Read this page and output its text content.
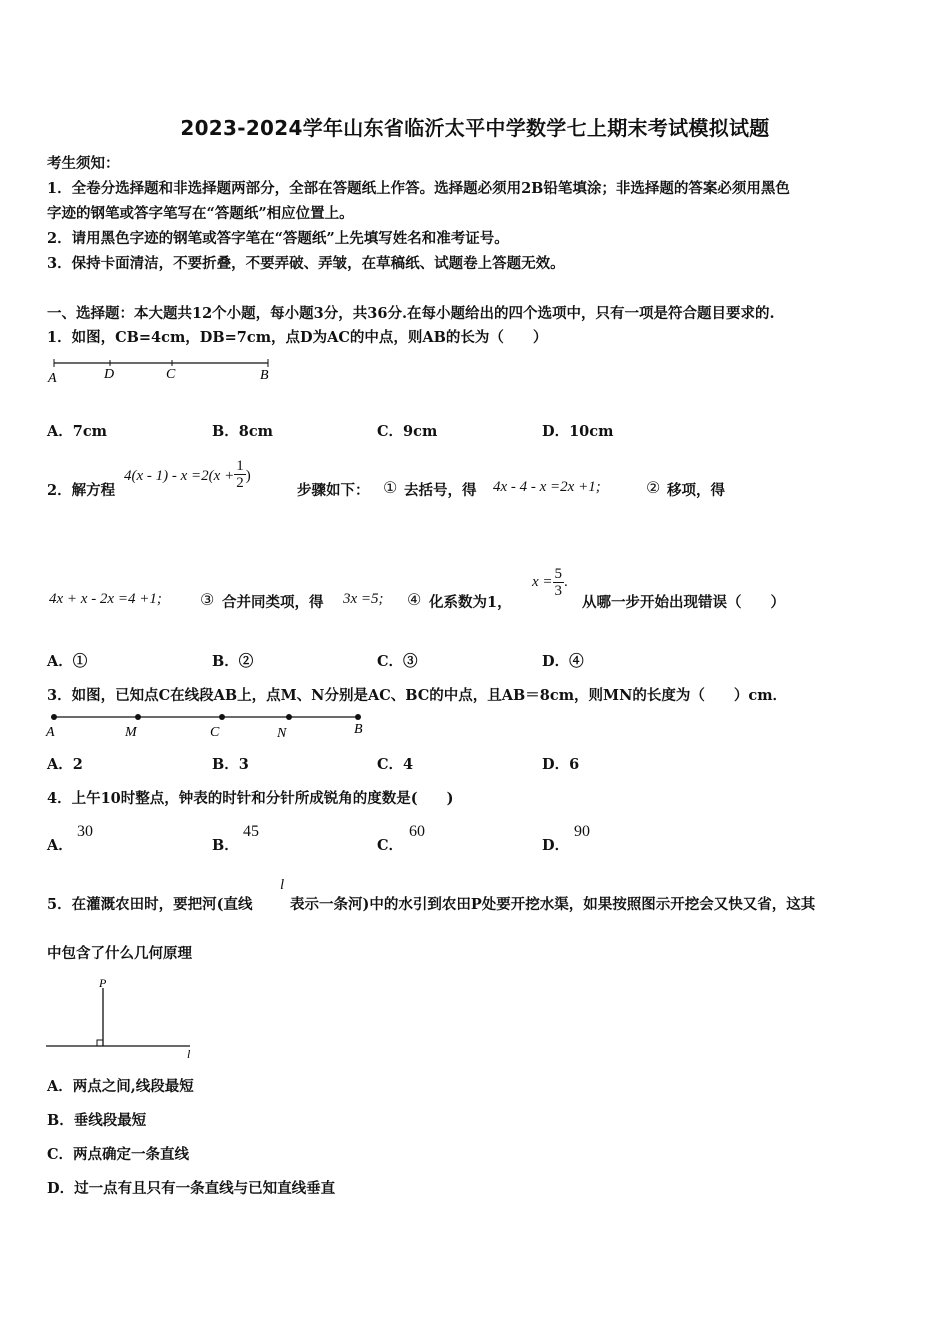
2023-2024学年山东省临沂太平中学数学七上期末考试模拟试题
考生须知：
1．全卷分选择题和非选择题两部分，全部在答题纸上作答。选择题必须用2B铅笔填涂；非选择题的答案必须用黑色
字迹的钢笔或答字笔写在“答题纸”相应位置上。
2．请用黑色字迹的钢笔或答字笔在“答题纸”上先填写姓名和准考证号。
3．保持卡面清洁，不要折叠，不要弄破、弄皱，在草稿纸、试题卷上答题无效。
一、选择题：本大题共12个小题，每小题3分，共36分.在每小题给出的四个选项中，只有一项是符合题目要求的.
1．如图，CB=4cm，DB=7cm，点D为AC的中点，则AB的长为（　　）
A	D	C	B
A．7cm	B．8cm	C．9cm	D．10cm
2．解方程
$4(x - 1) - x =2(x + \frac{1}{2}$ )
步骤如下： ① 去括号，得 4x - 4 - x =2x +1;	② 移项，得
4x + x - 2x =4 +1; ③ 合并同类项，得 3x =5; ④ 化系数为1，
$x = \frac{5}{3}$ .
从哪一步开始出现错误（　　）
A．①	B．②	C．③	D．④
3．如图，已知点C在线段AB上，点M、N分别是AC、BC的中点，且AB＝8cm，则MN的长度为（　　）cm．
A	M	C	N	B
A．2	B．3	C．4	D．6
4．上午10时整点，钟表的时针和分针所成锐角的度数是(　　)
A．
30
B．
45
C．
60
D．
90
5．在灌溉农田时，要把河(直线
l
表示一条河)中的水引到农田P处要开挖水渠，如果按照图示开挖会又快又省，这其
中包含了什么几何原理
P
l
A．两点之间,线段最短
B．垂线段最短
C．两点确定一条直线
D．过一点有且只有一条直线与已知直线垂直
